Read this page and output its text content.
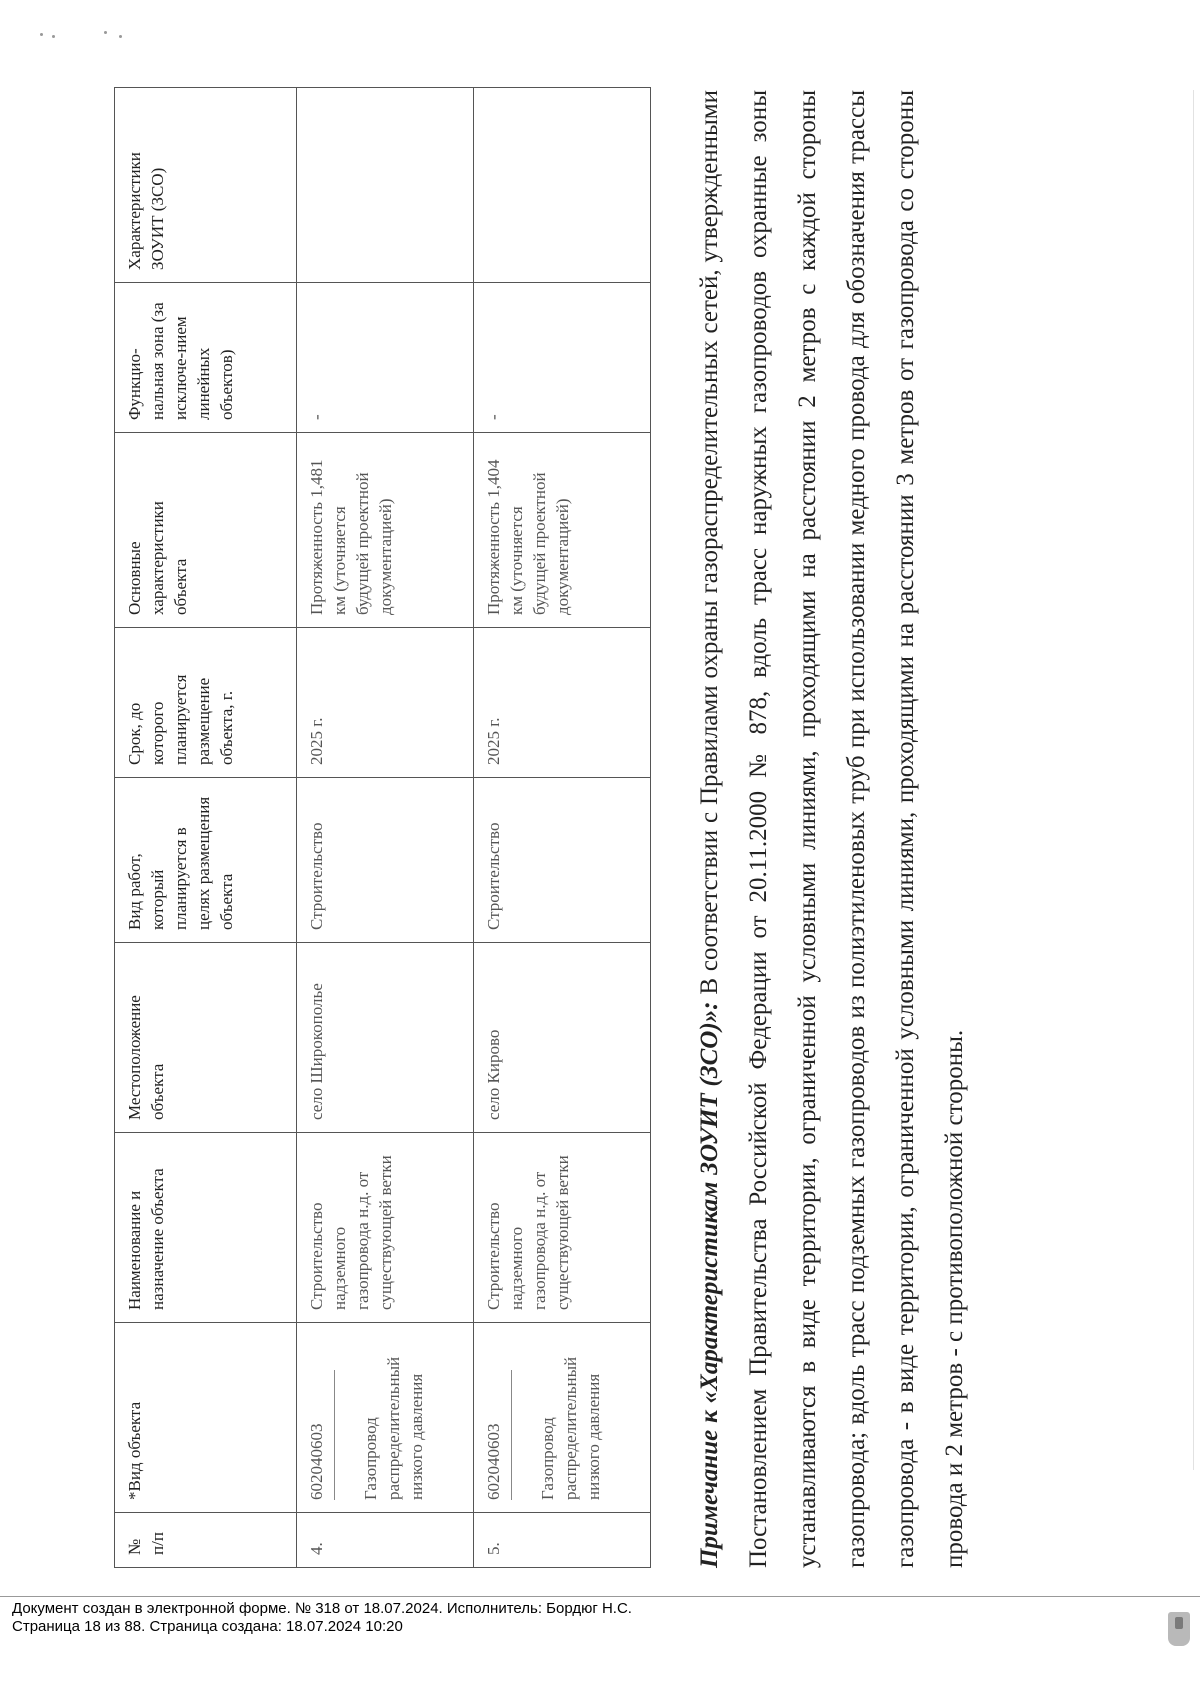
№ п/п	*Вид объекта	Наименование и назначение объекта	Местоположение объекта	Вид работ, который планируется в целях размещения объекта	Срок, до которого планируется размещение объекта, г.	Основные характеристики объекта	Функцио-нальная зона (за исключе-нием линейных объектов)	Характеристики ЗОУИТ (ЗСО)
4.	602040603 Газопровод распределительный низкого давления	Строительство надземного газопровода н.д. от существующей ветки	село Широкополье	Строительство	2025 г.	Протяженность 1,481 км (уточняется будущей проектной документацией)	-	
5.	602040603 Газопровод распределительный низкого давления	Строительство надземного газопровода н.д. от существующей ветки	село Кирово	Строительство	2025 г.	Протяженность 1,404 км (уточняется будущей проектной документацией)	-	

Примечание к «Характеристикам ЗОУИТ (ЗСО)»: В соответствии с Правилами охраны газораспределительных сетей, утвержденными Постановлением Правительства Российской Федерации от 20.11.2000 № 878, вдоль трасс наружных газопроводов охранные зоны устанавливаются в виде территории, ограниченной условными линиями, проходящими на расстоянии 2 метров с каждой стороны газопровода; вдоль трасс подземных газопроводов из полиэтиленовых труб при использовании медного провода для обозначения трассы газопровода - в виде территории, ограниченной условными линиями, проходящими на расстоянии 3 метров от газопровода со стороны провода и 2 метров - с противоположной стороны.

Документ создан в электронной форме. № 318 от 18.07.2024. Исполнитель: Бордюг Н.С.
Страница 18 из 88. Страница создана: 18.07.2024 10:20
